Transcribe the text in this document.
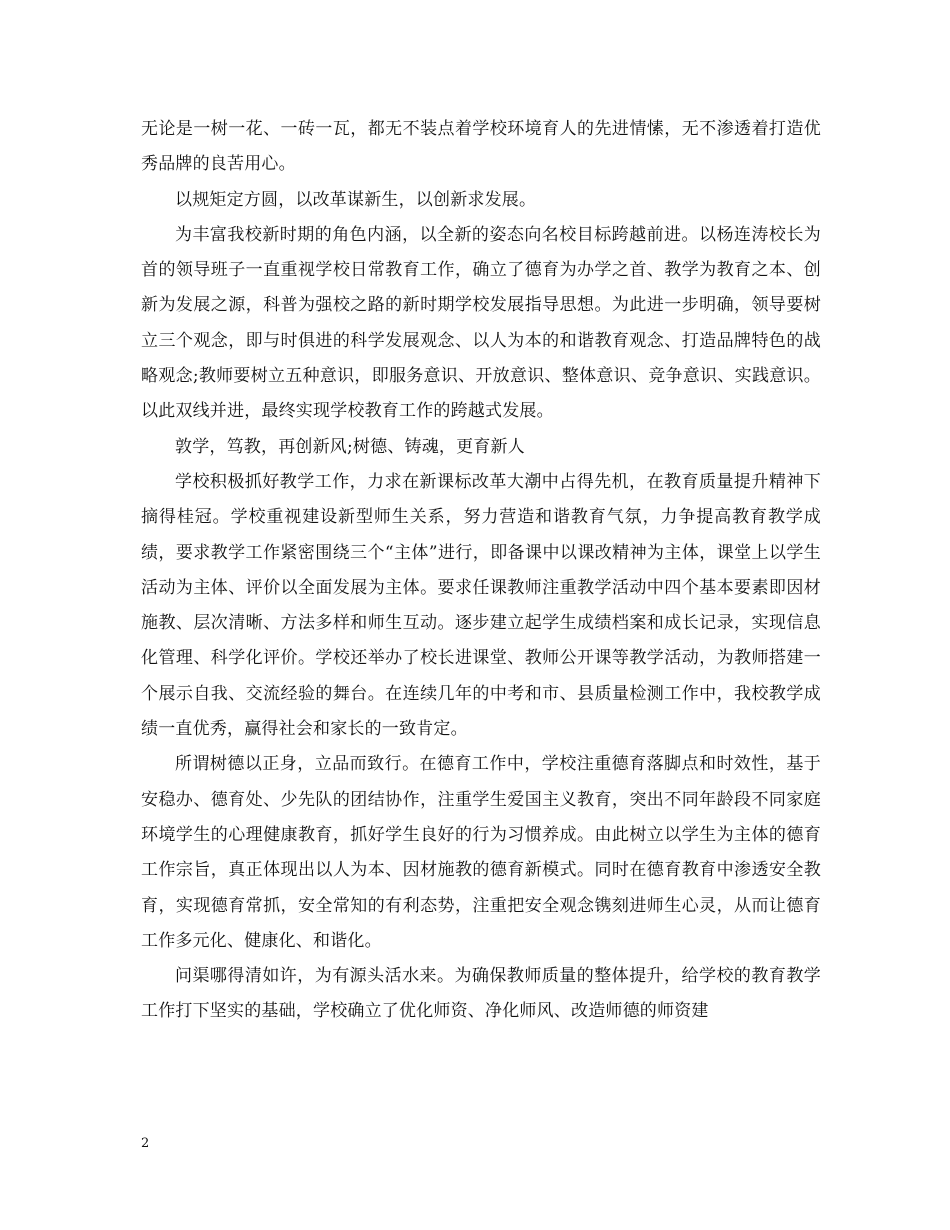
无论是一树一花、一砖一瓦，都无不装点着学校环境育人的先进情愫，无不渗透着打造优秀品牌的良苦用心。

以规矩定方圆，以改革谋新生，以创新求发展。

为丰富我校新时期的角色内涵，以全新的姿态向名校目标跨越前进。以杨连涛校长为首的领导班子一直重视学校日常教育工作，确立了德育为办学之首、教学为教育之本、创新为发展之源，科普为强校之路的新时期学校发展指导思想。为此进一步明确，领导要树立三个观念，即与时俱进的科学发展观念、以人为本的和谐教育观念、打造品牌特色的战略观念;教师要树立五种意识，即服务意识、开放意识、整体意识、竞争意识、实践意识。以此双线并进，最终实现学校教育工作的跨越式发展。

敦学，笃教，再创新风;树德、铸魂，更育新人

学校积极抓好教学工作，力求在新课标改革大潮中占得先机，在教育质量提升精神下摘得桂冠。学校重视建设新型师生关系，努力营造和谐教育气氛，力争提高教育教学成绩，要求教学工作紧密围绕三个“主体”进行，即备课中以课改精神为主体，课堂上以学生活动为主体、评价以全面发展为主体。要求任课教师注重教学活动中四个基本要素即因材施教、层次清晰、方法多样和师生互动。逐步建立起学生成绩档案和成长记录，实现信息化管理、科学化评价。学校还举办了校长进课堂、教师公开课等教学活动，为教师搭建一个展示自我、交流经验的舞台。在连续几年的中考和市、县质量检测工作中，我校教学成绩一直优秀，赢得社会和家长的一致肯定。

所谓树德以正身，立品而致行。在德育工作中，学校注重德育落脚点和时效性，基于安稳办、德育处、少先队的团结协作，注重学生爱国主义教育，突出不同年龄段不同家庭环境学生的心理健康教育，抓好学生良好的行为习惯养成。由此树立以学生为主体的德育工作宗旨，真正体现出以人为本、因材施教的德育新模式。同时在德育教育中渗透安全教育，实现德育常抓，安全常知的有利态势，注重把安全观念镌刻进师生心灵，从而让德育工作多元化、健康化、和谐化。

问渠哪得清如许，为有源头活水来。为确保教师质量的整体提升，给学校的教育教学工作打下坚实的基础，学校确立了优化师资、净化师风、改造师德的师资建

2
